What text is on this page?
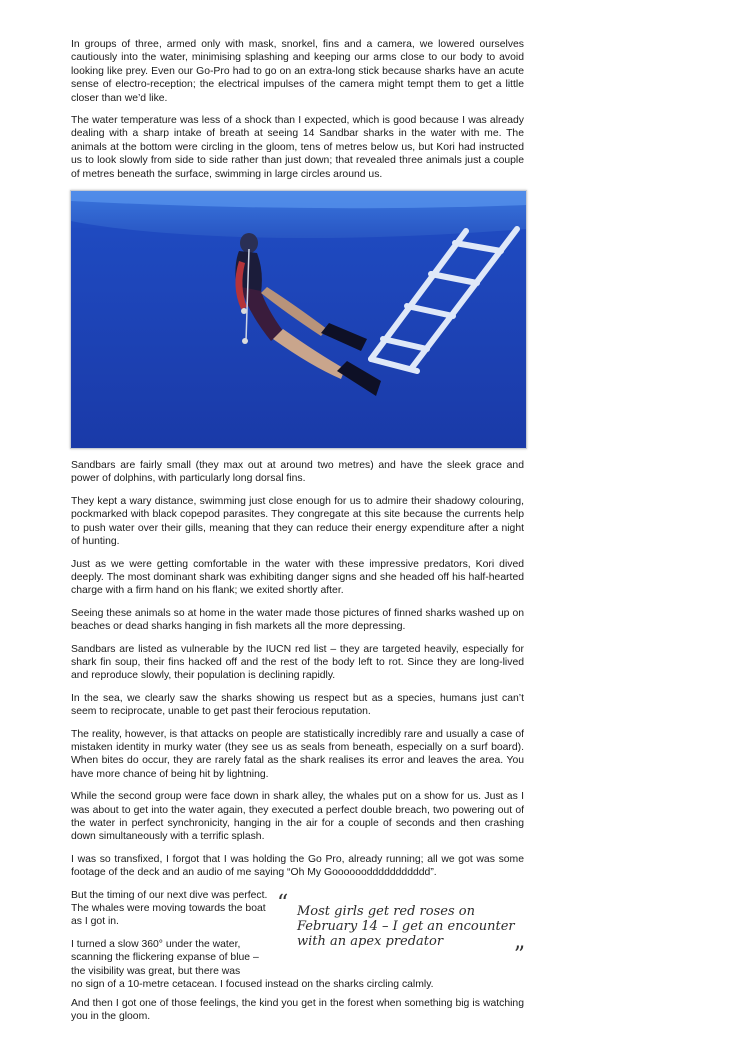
In groups of three, armed only with mask, snorkel, fins and a camera, we lowered ourselves cautiously into the water, minimising splashing and keeping our arms close to our body to avoid looking like prey. Even our Go-Pro had to go on an extra-long stick because sharks have an acute sense of electro-reception; the electrical impulses of the camera might tempt them to get a little closer than we’d like.

The water temperature was less of a shock than I expected, which is good because I was already dealing with a sharp intake of breath at seeing 14 Sandbar sharks in the water with me. The animals at the bottom were circling in the gloom, tens of metres below us, but Kori had instructed us to look slowly from side to side rather than just down; that revealed three animals just a couple of metres beneath the surface, swimming in large circles around us.

Sandbars are fairly small (they max out at around two metres) and have the sleek grace and power of dolphins, with particularly long dorsal fins.

They kept a wary distance, swimming just close enough for us to admire their shadowy colouring, pockmarked with black copepod parasites. They congregate at this site because the currents help to push water over their gills, meaning that they can reduce their energy expenditure after a night of hunting.

Just as we were getting comfortable in the water with these impressive predators, Kori dived deeply. The most dominant shark was exhibiting danger signs and she headed off his half-hearted charge with a firm hand on his flank; we exited shortly after.

Seeing these animals so at home in the water made those pictures of finned sharks washed up on beaches or dead sharks hanging in fish markets all the more depressing.

Sandbars are listed as vulnerable by the IUCN red list – they are targeted heavily, especially for shark fin soup, their fins hacked off and the rest of the body left to rot. Since they are long-lived and reproduce slowly, their population is declining rapidly.

In the sea, we clearly saw the sharks showing us respect but as a species, humans just can’t seem to reciprocate, unable to get past their ferocious reputation.

The reality, however, is that attacks on people are statistically incredibly rare and usually a case of mistaken identity in murky water (they see us as seals from beneath, especially on a surf board). When bites do occur, they are rarely fatal as the shark realises its error and leaves the area. You have more chance of being hit by lightning.

While the second group were face down in shark alley, the whales put on a show for us. Just as I was about to get into the water again, they executed a perfect double breach, two powering out of the water in perfect synchronicity, hanging in the air for a couple of seconds and then crashing down simultaneously with a terrific splash.

I was so transfixed, I forgot that I was holding the Go Pro, already running; all we got was some footage of the deck and an audio of me saying “Oh My Gooooooddddddddddd”.

But the timing of our next dive was perfect. The whales were moving towards the boat as I got in.

I turned a slow 360° under the water, scanning the flickering expanse of blue – the visibility was great, but there was

no sign of a 10-metre cetacean. I focused instead on the sharks circling calmly.
“ Most girls get red roses on February 14 – I get an encounter with an apex predator
”

And then I got one of those feelings, the kind you get in the forest when something big is watching you in the gloom.
